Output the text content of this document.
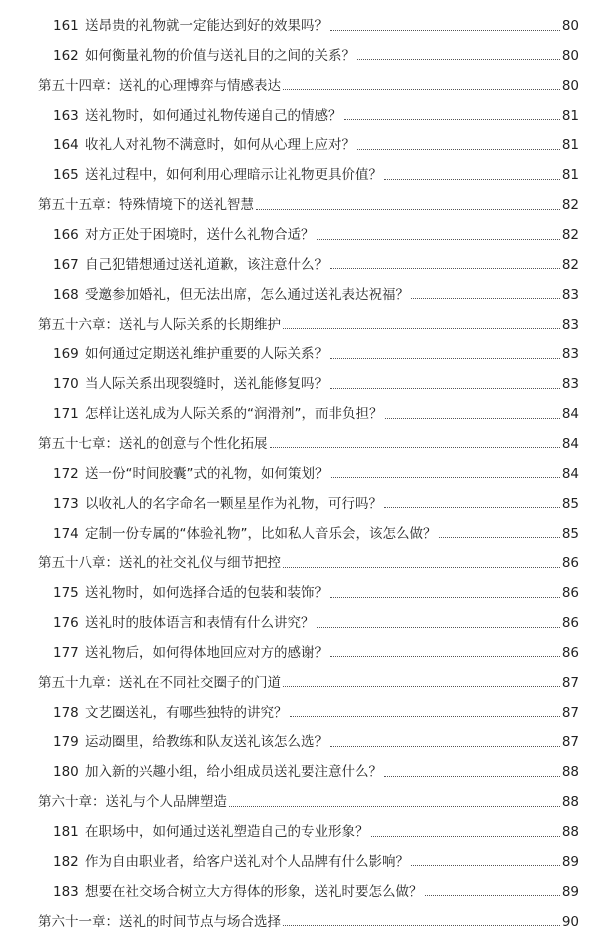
161 送昂贵的礼物就一定能达到好的效果吗？	80
162 如何衡量礼物的价值与送礼目的之间的关系？	80
第五十四章：送礼的心理博弈与情感表达	80
163 送礼物时，如何通过礼物传递自己的情感？	81
164 收礼人对礼物不满意时，如何从心理上应对？	81
165 送礼过程中，如何利用心理暗示让礼物更具价值？	81
第五十五章：特殊情境下的送礼智慧	82
166 对方正处于困境时，送什么礼物合适？	82
167 自己犯错想通过送礼道歉，该注意什么？	82
168 受邀参加婚礼，但无法出席，怎么通过送礼表达祝福？	83
第五十六章：送礼与人际关系的长期维护	83
169 如何通过定期送礼维护重要的人际关系？	83
170 当人际关系出现裂缝时，送礼能修复吗？	83
171 怎样让送礼成为人际关系的“润滑剂”，而非负担？	84
第五十七章：送礼的创意与个性化拓展	84
172 送一份“时间胶囊”式的礼物，如何策划？	84
173 以收礼人的名字命名一颗星星作为礼物，可行吗？	85
174 定制一份专属的“体验礼物”，比如私人音乐会，该怎么做？	85
第五十八章：送礼的社交礼仪与细节把控	86
175 送礼物时，如何选择合适的包装和装饰？	86
176 送礼时的肢体语言和表情有什么讲究？	86
177 送礼物后，如何得体地回应对方的感谢？	86
第五十九章：送礼在不同社交圈子的门道	87
178 文艺圈送礼，有哪些独特的讲究？	87
179 运动圈里，给教练和队友送礼该怎么选？	87
180 加入新的兴趣小组，给小组成员送礼要注意什么？	88
第六十章：送礼与个人品牌塑造	88
181 在职场中，如何通过送礼塑造自己的专业形象？	88
182 作为自由职业者，给客户送礼对个人品牌有什么影响？	89
183 想要在社交场合树立大方得体的形象，送礼时要怎么做？	89
第六十一章：送礼的时间节点与场合选择	90
